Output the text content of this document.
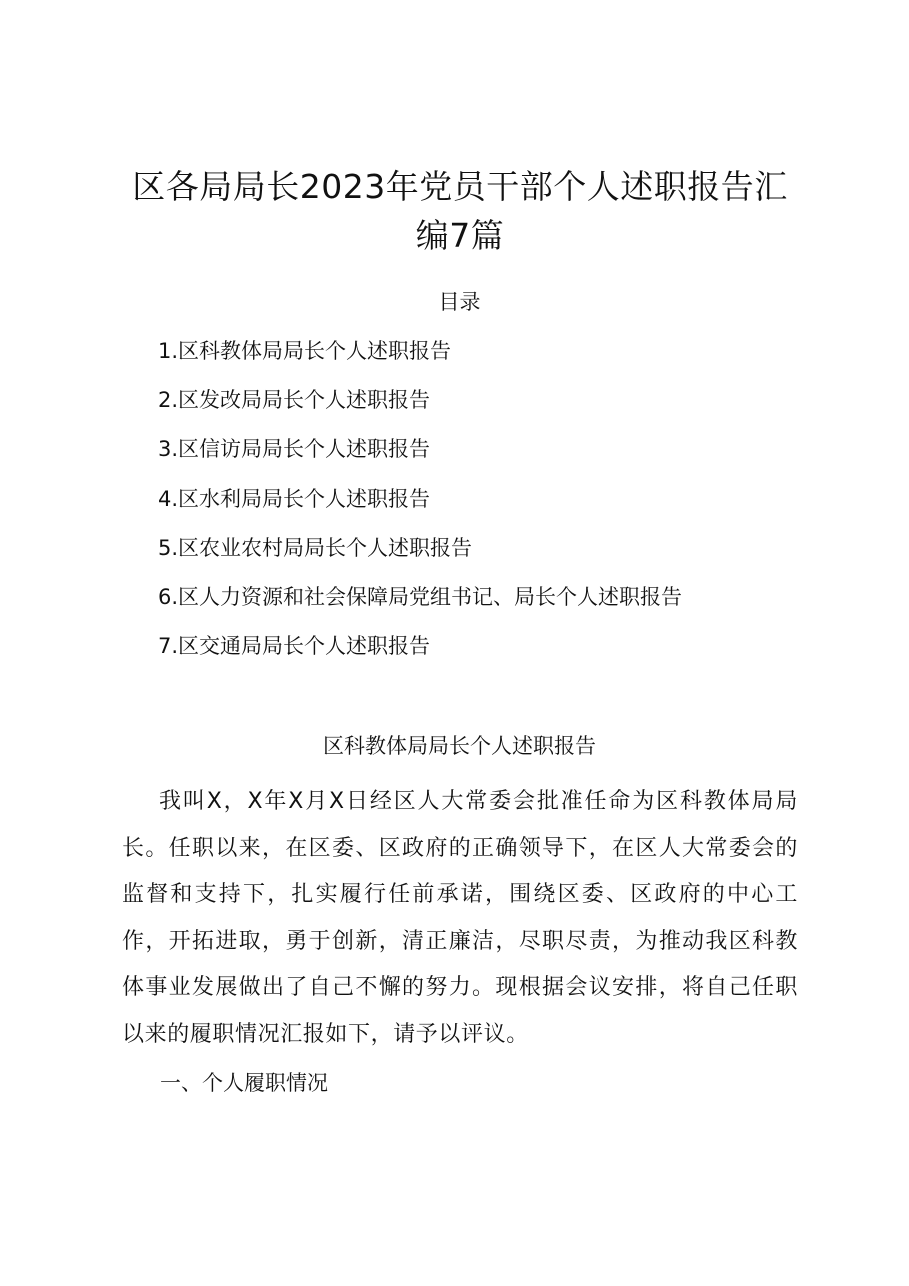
区各局局长2023年党员干部个人述职报告汇
编7篇
目录
1.区科教体局局长个人述职报告
2.区发改局局长个人述职报告
3.区信访局局长个人述职报告
4.区水利局局长个人述职报告
5.区农业农村局局长个人述职报告
6.区人力资源和社会保障局党组书记、局长个人述职报告
7.区交通局局长个人述职报告
区科教体局局长个人述职报告

我叫X，X年X月X日经区人大常委会批准任命为区科教体局局长。任职以来，在区委、区政府的正确领导下，在区人大常委会的监督和支持下，扎实履行任前承诺，围绕区委、区政府的中心工作，开拓进取，勇于创新，清正廉洁，尽职尽责，为推动我区科教体事业发展做出了自己不懈的努力。现根据会议安排，将自己任职以来的履职情况汇报如下，请予以评议。

一、个人履职情况
